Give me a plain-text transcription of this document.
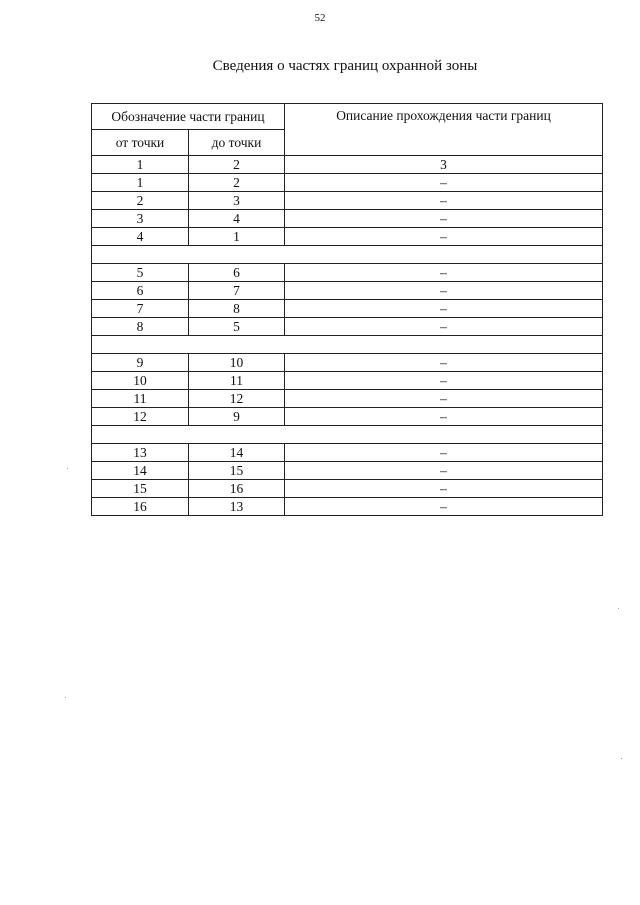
52
Сведения о частях границ охранной зоны
Обозначение части границ		Описание прохождения части границ
от точки	до точки	
1	2	3
1	2	–
2	3	–
3	4	–
4	1	–

5	6	–
6	7	–
7	8	–
8	5	–

9	10	–
10	11	–
11	12	–
12	9	–

13	14	–
14	15	–
15	16	–
16	13	–
